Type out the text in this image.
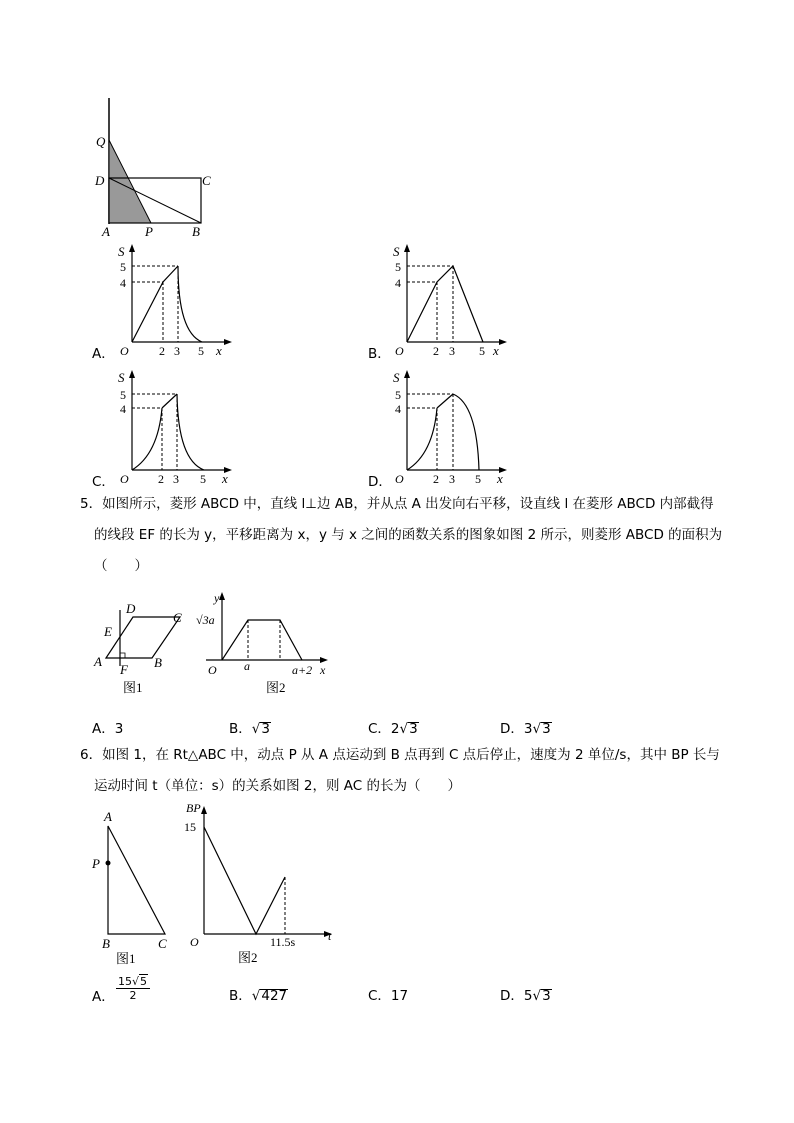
Q
D	C
A	P	B
A．
S
5
4
O	2 3 5 x	B．
S
5
4
O 2 3 5 x
C．
S
5
4
O 2 3 5 x	D．
S
5
4
O 2 3 5 x
5．如图所示，菱形 ABCD 中，直线 l⊥边 AB，并从点 A 出发向右平移，设直线 l 在菱形 ABCD 内部截得
的线段 EF 的长为 y，平移距离为 x，y 与 x 之间的函数关系的图象如图 2 所示，则菱形 ABCD 的面积为
（　　）
D
C
E
A
F B
图1
y
√3a
O a	a+2 x
图2
A．3	B．√3	C．2√3	D．3√3
6．如图 1，在 Rt△ABC 中，动点 P 从 A 点运动到 B 点再到 C 点后停止，速度为 2 单位/s，其中 BP 长与
运动时间 t（单位：s）的关系如图 2，则 AC 的长为（　　）
A
P
B	C
图1
BP
15
O	11.5s	t
图2
A．
15√5
2	B．√427	C．17	D．5√3
